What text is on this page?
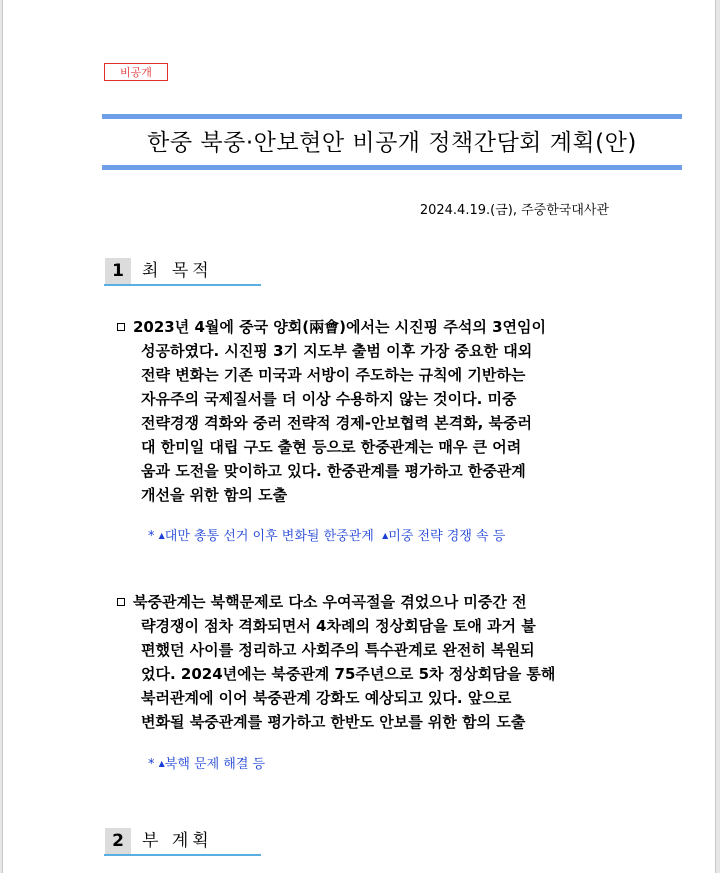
비공개
한중 북중·안보현안 비공개 정책간담회 계획(안)
2024.4.19.(금), 주중한국대사관
1	최 목적
2023년 4월에 중국 양회(兩會)에서는 시진핑 주석의 3연임이
성공하였다. 시진핑 3기 지도부 출범 이후 가장 중요한 대외
전략 변화는 기존 미국과 서방이 주도하는 규칙에 기반하는
자유주의 국제질서를 더 이상 수용하지 않는 것이다. 미중
전략경쟁 격화와 중러 전략적 경제-안보협력 본격화, 북중러
대 한미일 대립 구도 출현 등으로 한중관계는 매우 큰 어려
움과 도전을 맞이하고 있다. 한중관계를 평가하고 한중관계
개선을 위한 함의 도출
* ▲대만 총통 선거 이후 변화될 한중관계 ▲미중 전략 경쟁 속 등
북중관계는 북핵문제로 다소 우여곡절을 겪었으나 미중간 전
략경쟁이 점차 격화되면서 4차례의 정상회담을 토애 과거 불
편했던 사이를 정리하고 사회주의 특수관계로 완전히 복원되
었다. 2024년에는 북중관계 75주년으로 5차 정상회담을 통해
북러관계에 이어 북중관계 강화도 예상되고 있다. 앞으로
변화될 북중관계를 평가하고 한반도 안보를 위한 함의 도출
* ▲북핵 문제 해결 등
2	부 계획
